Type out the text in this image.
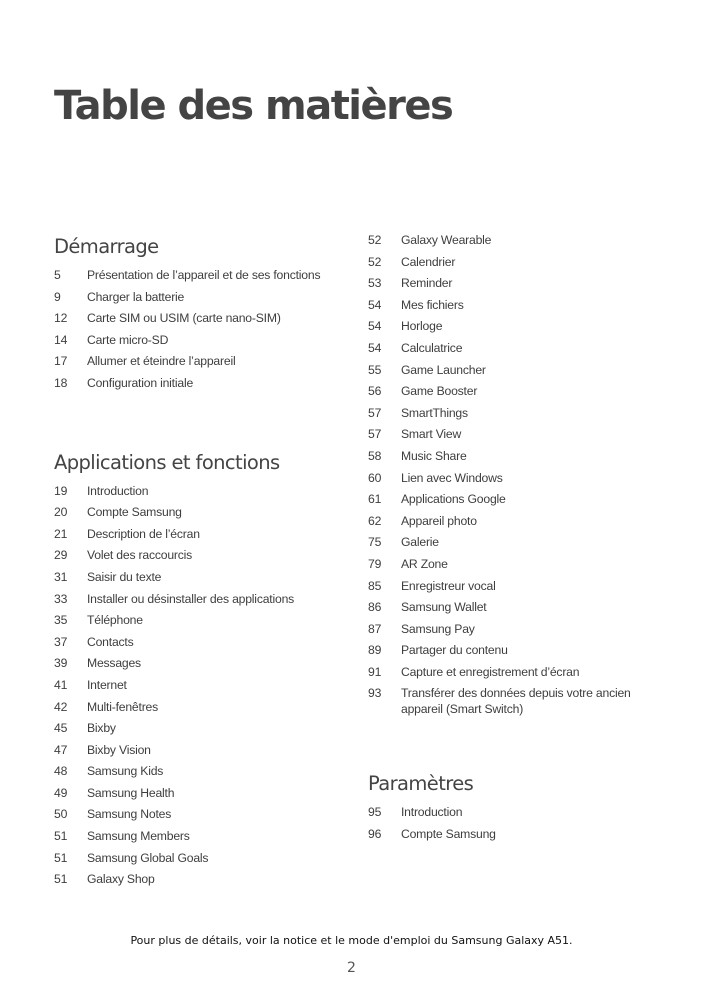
Table des matières
Démarrage
5	Présentation de l’appareil et de ses fonctions
9	Charger la batterie
12	Carte SIM ou USIM (carte nano-SIM)
14	Carte micro-SD
17	Allumer et éteindre l’appareil
18	Configuration initiale
Applications et fonctions
19	Introduction
20	Compte Samsung
21	Description de l’écran
29	Volet des raccourcis
31	Saisir du texte
33	Installer ou désinstaller des applications
35	Téléphone
37	Contacts
39	Messages
41	Internet
42	Multi-fenêtres
45	Bixby
47	Bixby Vision
48	Samsung Kids
49	Samsung Health
50	Samsung Notes
51	Samsung Members
51	Samsung Global Goals
51	Galaxy Shop
52	Galaxy Wearable
52	Calendrier
53	Reminder
54	Mes fichiers
54	Horloge
54	Calculatrice
55	Game Launcher
56	Game Booster
57	SmartThings
57	Smart View
58	Music Share
60	Lien avec Windows
61	Applications Google
62	Appareil photo
75	Galerie
79	AR Zone
85	Enregistreur vocal
86	Samsung Wallet
87	Samsung Pay
89	Partager du contenu
91	Capture et enregistrement d’écran
93	Transférer des données depuis votre ancien appareil (Smart Switch)
Paramètres
95	Introduction
96	Compte Samsung

Pour plus de détails, voir la notice et le mode d'emploi du Samsung Galaxy A51.

2
